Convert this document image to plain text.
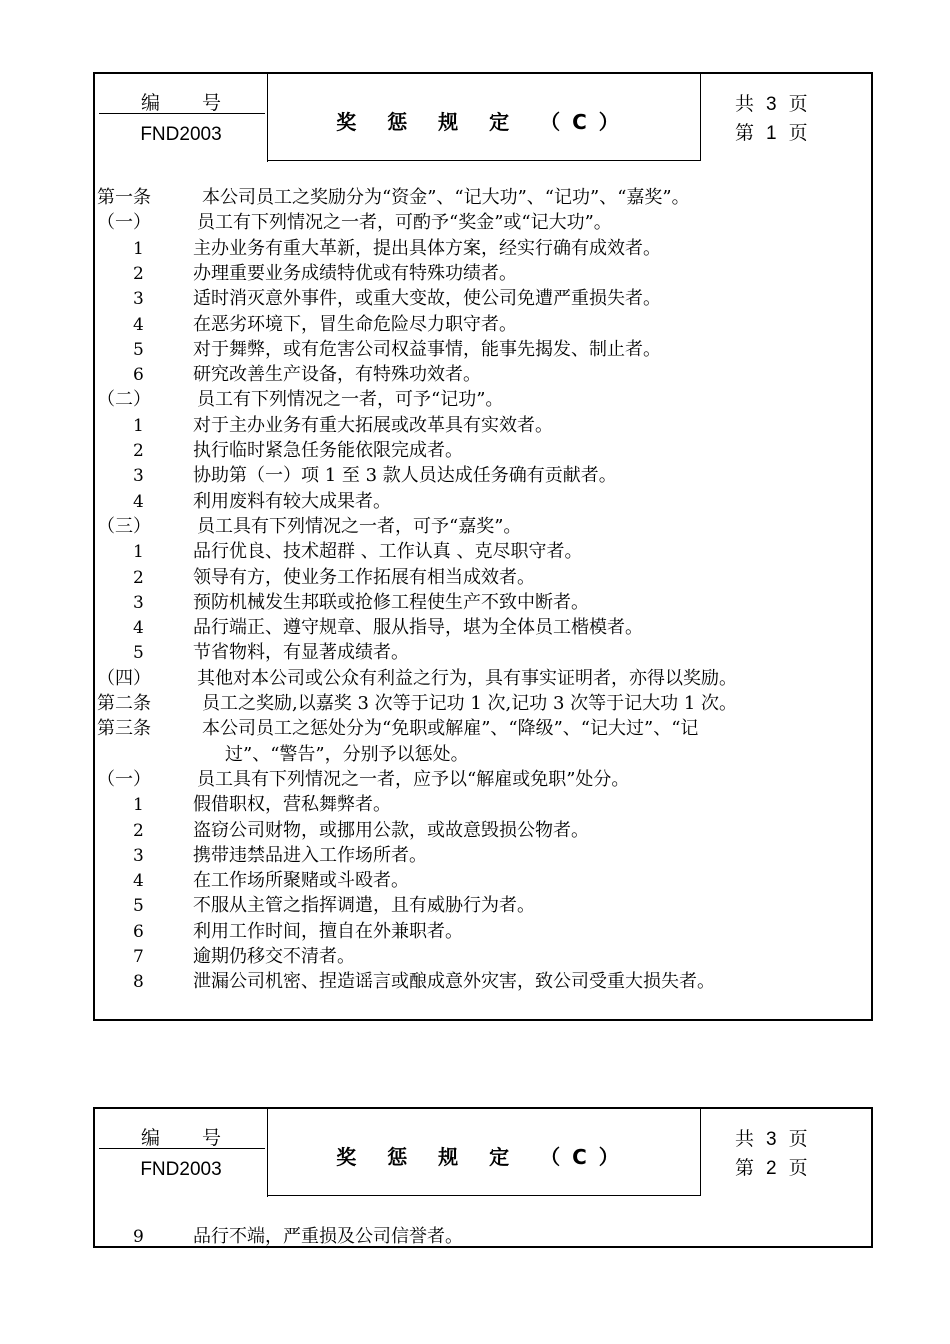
编 号
FND2003
奖 惩 规 定 （C）
共 3 页
第 1 页
第一条	本公司员工之奖励分为“资金”、“记大功”、“记功”、“嘉奖”。
（一）	员工有下列情况之一者，可酌予“奖金”或“记大功”。
1	主办业务有重大革新，提出具体方案，经实行确有成效者。
2	办理重要业务成绩特优或有特殊功绩者。
3	适时消灭意外事件，或重大变故，使公司免遭严重损失者。
4	在恶劣环境下，冒生命危险尽力职守者。
5	对于舞弊，或有危害公司权益事情，能事先揭发、制止者。
6	研究改善生产设备，有特殊功效者。
（二）	员工有下列情况之一者，可予“记功”。
1	对于主办业务有重大拓展或改革具有实效者。
2	执行临时紧急任务能依限完成者。
3	协助第（一）项 1 至 3 款人员达成任务确有贡献者。
4	利用废料有较大成果者。
（三）	员工具有下列情况之一者，可予“嘉奖”。
1	品行优良、技术超群 、工作认真 、克尽职守者。
2	领导有方，使业务工作拓展有相当成效者。
3	预防机械发生邦联或抢修工程使生产不致中断者。
4	品行端正、遵守规章、服从指导，堪为全体员工楷模者。
5	节省物料，有显著成绩者。
（四）	其他对本公司或公众有利益之行为，具有事实证明者，亦得以奖励。
第二条	员工之奖励,以嘉奖 3 次等于记功 1 次,记功 3 次等于记大功 1 次。
第三条	本公司员工之惩处分为“免职或解雇”、“降级”、“记大过”、“记
过”、“警告”，分别予以惩处。
（一）	员工具有下列情况之一者，应予以“解雇或免职”处分。
1	假借职权，营私舞弊者。
2	盗窃公司财物，或挪用公款，或故意毁损公物者。
3	携带违禁品进入工作场所者。
4	在工作场所聚赌或斗殴者。
5	不服从主管之指挥调遣，且有威胁行为者。
6	利用工作时间，擅自在外兼职者。
7	逾期仍移交不清者。
8	泄漏公司机密、捏造谣言或酿成意外灾害，致公司受重大损失者。
编 号
FND2003
奖 惩 规 定 （C）
共 3 页
第 2 页
9	品行不端，严重损及公司信誉者。
